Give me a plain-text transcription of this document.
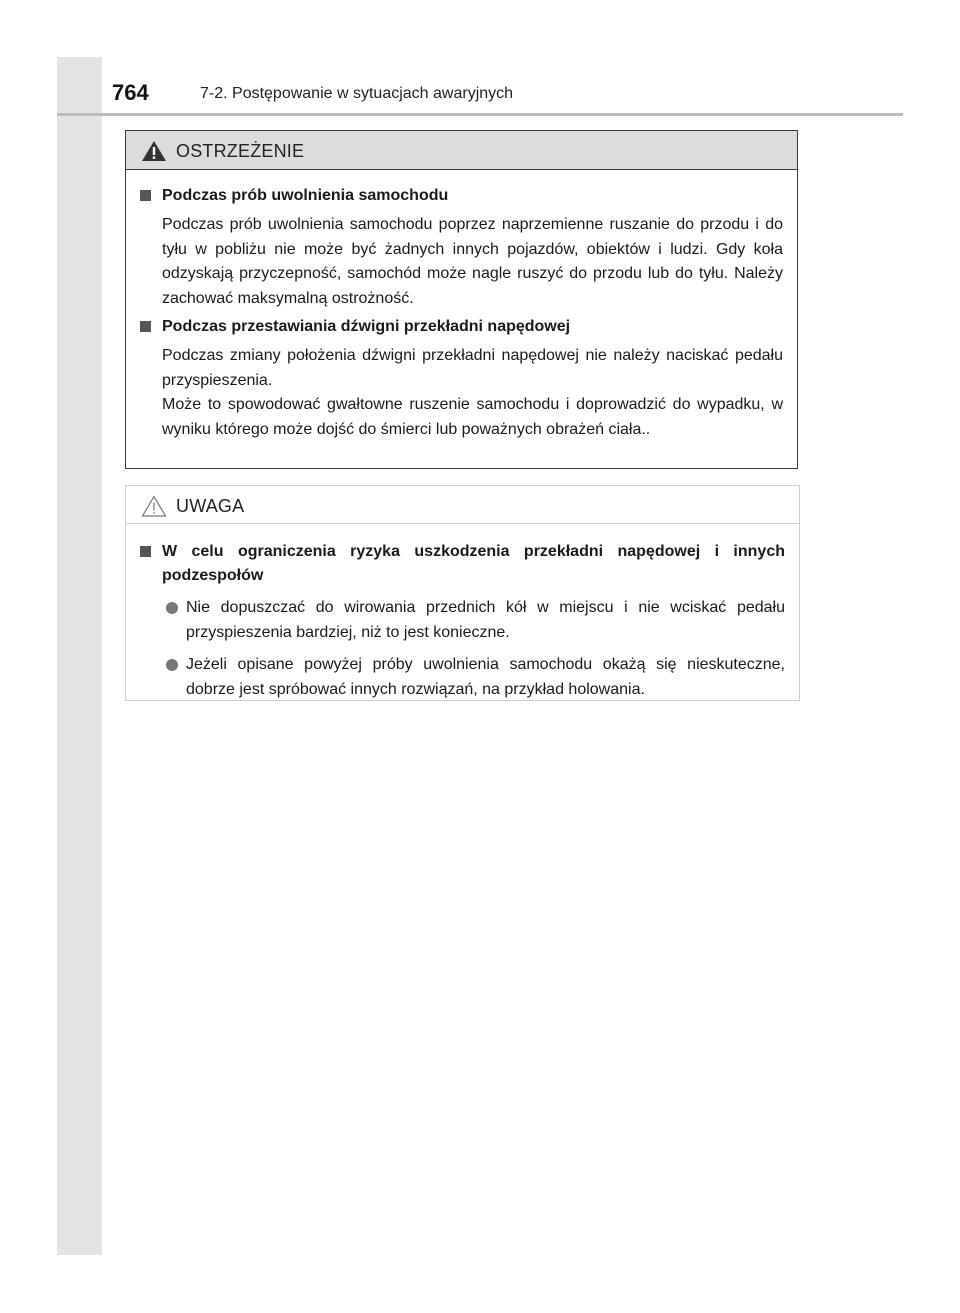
764	7-2. Postępowanie w sytuacjach awaryjnych
OSTRZEŻENIE
Podczas prób uwolnienia samochodu
Podczas prób uwolnienia samochodu poprzez naprzemienne ruszanie do przodu i do tyłu w pobliżu nie może być żadnych innych pojazdów, obiektów i ludzi. Gdy koła odzyskają przyczepność, samochód może nagle ruszyć do przodu lub do tyłu. Należy zachować maksymalną ostrożność.
Podczas przestawiania dźwigni przekładni napędowej
Podczas zmiany położenia dźwigni przekładni napędowej nie należy naciskać pedału przyspieszenia.
Może to spowodować gwałtowne ruszenie samochodu i doprowadzić do wypadku, w wyniku którego może dojść do śmierci lub poważnych obrażeń ciała..
UWAGA
W celu ograniczenia ryzyka uszkodzenia przekładni napędowej i innych podzespołów
Nie dopuszczać do wirowania przednich kół w miejscu i nie wciskać pedału przyspieszenia bardziej, niż to jest konieczne.
Jeżeli opisane powyżej próby uwolnienia samochodu okażą się nieskuteczne, dobrze jest spróbować innych rozwiązań, na przykład holowania.
